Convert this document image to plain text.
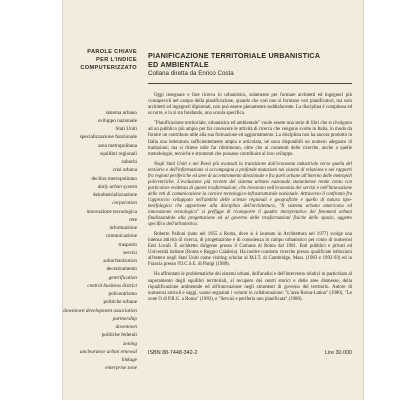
PAROLE CHIAVE
PER L'INDICE
COMPUTERIZZATO
sistema urbano
sviluppo nazionale
Stati Uniti
specializzazione funzionale
area metropolitana
squilibri regionali
suburbi
crisi urbana
declino metropolitano
daily urban system
deindustrializzazione
corporation
innovazione tecnologica
rete
informazione
comunicazione
trasporto
servizi
suburbanization
decentramento
gentrification
central business district
policentrismo
politiche urbane
downtown development association
partnership
downtown
politiche federali
zoning
unclearance urban renewal
linkage
enterprise zone
PIANIFICAZIONE TERRITORIALE URBANISTICA
ED AMBIENTALE
Collana diretta da Enrico Costa

Oggi insegnare e fare ricerca in urbanistica, solamente per formare architetti ed ingegneri più consapevoli nel campo della pianificazione, quando che così non si formano veri pianificatori, ma solo architetti ed ingegneri diplomati, non può essere pienamente soddisfacente. La disciplina è complessa ed occorre, e la si sta fondando, una scuola specifica.

"Pianificazione territoriale, urbanistica ed ambientale" vuole essere una serie di libri che si rivolgono ad un pubblico più ampio per far conoscere le attività di ricerca che vengono svolte in Italia, in modo da fornire un contributo utile alla sua formazione ed aggiornamento. La disciplina non ha ancora prodotto in Italia una letteratura sufficientemente ampia e articolata, né sono disponibili un numero adeguato di traduzioni; ma si ritiene utile far riferimento, oltre che ai contenuti delle ricerche, anche a quelle metodologie, tecniche e strumenti che possano contribuire al loro sviluppo.

Negli Stati Uniti e nei Paesi più avanzati la transizione dall'economia industriale verso quella del terziario e dell'informazione si accompagna a profonde mutazioni nei sistemi di relazione e nei rapporti fra regioni periferiche ed aree di accentramento direzionale e fra parti urbane all'interno delle metropoli policentriche. L'evoluzione più recente del sistema urbano nazionale statunitense rende conto con particolare evidenza di queste trasformazioni, che investono nell'economia dei servizi e nell'innovazione delle reti di comunicazione la cornice tecnologico-infrastrutturale nazionale. Attraverso il confronto fra l'approccio sviluppato nell'ambito delle scienze regionali e geografiche e quello di natura tipo-morfologica che appartiene alla disciplina dell'architettura, "Il sistema urbano americano ed innovazione tecnologica" si prefigge di ricomporre il quadro interpretativo dei fenomeni urbani finalizzandolo alla progettazione ed al governo delle trasformazioni fisiche dello spazio, oggetto specifico dell'urbanistica.

Roberto Palloni (nato nel 1955 a Roma, dove si è laureato in Architettura nel 1977) svolge una intensa attività di ricerca, di progettazione e di consulenza in campo urbanistico per conto di numerosi Enti Locali. È architetto dirigente presso il Comune di Roma dal 1981. Enti pubblici e privati ed Università italiane (Roma e Reggio Calabria). Ha inoltre condotto ricerche presso qualificate istituzioni all'estero negli Stati Uniti come visiting scholar al M.I.T. di Cambridge, Mass. (1983 e 1992-93) ed in Francia presso l'O.C.S.E. di Parigi (1988).

Ha affrontato le problematiche dei sistemi urbani, dell'analisi e dell'intervento relativi in particolare al superamento degli squilibri territoriali, al recupero dei centri storici e delle aree dismesse, della riqualificazione ambientale ed all'innovazione negli strumenti di governo del territorio. Autore di numerosi articoli e saggi, vanno segnalati i volumi in collaborazione: "L'area Roma-Latina" (1980), "Le zone O di P.R.G. a Roma" (1983), e "Servizi e periferia non pianificata" (1986).

ISBN 88-7448-342-2	Lire 30.000
